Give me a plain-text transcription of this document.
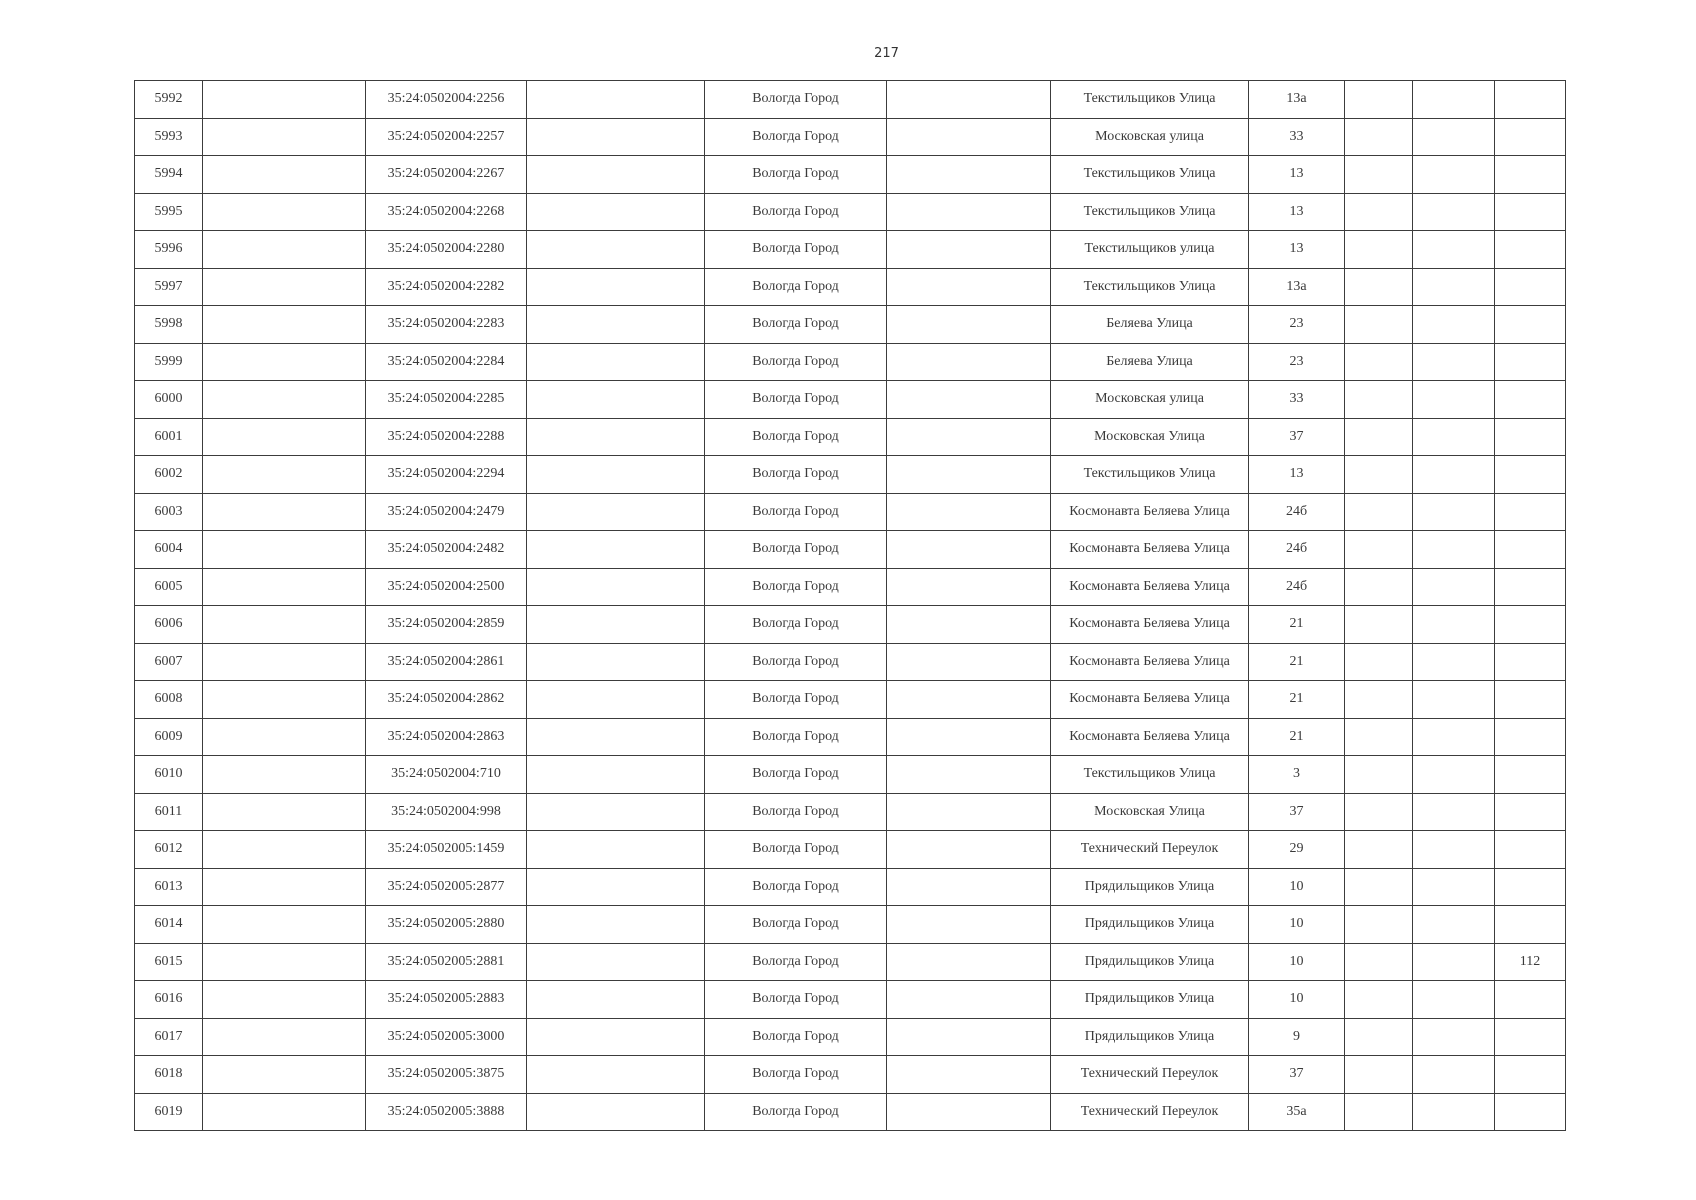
217
5992		35:24:0502004:2256		Вологда Город		Текстильщиков Улица	13а			
5993		35:24:0502004:2257		Вологда Город		Московская улица	33			
5994		35:24:0502004:2267		Вологда Город		Текстильщиков Улица	13			
5995		35:24:0502004:2268		Вологда Город		Текстильщиков Улица	13			
5996		35:24:0502004:2280		Вологда Город		Текстильщиков улица	13			
5997		35:24:0502004:2282		Вологда Город		Текстильщиков Улица	13а			
5998		35:24:0502004:2283		Вологда Город		Беляева Улица	23			
5999		35:24:0502004:2284		Вологда Город		Беляева Улица	23			
6000		35:24:0502004:2285		Вологда Город		Московская улица	33			
6001		35:24:0502004:2288		Вологда Город		Московская Улица	37			
6002		35:24:0502004:2294		Вологда Город		Текстильщиков Улица	13			
6003		35:24:0502004:2479		Вологда Город		Космонавта Беляева Улица	24б			
6004		35:24:0502004:2482		Вологда Город		Космонавта Беляева Улица	24б			
6005		35:24:0502004:2500		Вологда Город		Космонавта Беляева Улица	24б			
6006		35:24:0502004:2859		Вологда Город		Космонавта Беляева Улица	21			
6007		35:24:0502004:2861		Вологда Город		Космонавта Беляева Улица	21			
6008		35:24:0502004:2862		Вологда Город		Космонавта Беляева Улица	21			
6009		35:24:0502004:2863		Вологда Город		Космонавта Беляева Улица	21			
6010		35:24:0502004:710		Вологда Город		Текстильщиков Улица	3			
6011		35:24:0502004:998		Вологда Город		Московская Улица	37			
6012		35:24:0502005:1459		Вологда Город		Технический Переулок	29			
6013		35:24:0502005:2877		Вологда Город		Прядильщиков Улица	10			
6014		35:24:0502005:2880		Вологда Город		Прядильщиков Улица	10			
6015		35:24:0502005:2881		Вологда Город		Прядильщиков Улица	10			112
6016		35:24:0502005:2883		Вологда Город		Прядильщиков Улица	10			
6017		35:24:0502005:3000		Вологда Город		Прядильщиков Улица	9			
6018		35:24:0502005:3875		Вологда Город		Технический Переулок	37			
6019		35:24:0502005:3888		Вологда Город		Технический Переулок	35а			
